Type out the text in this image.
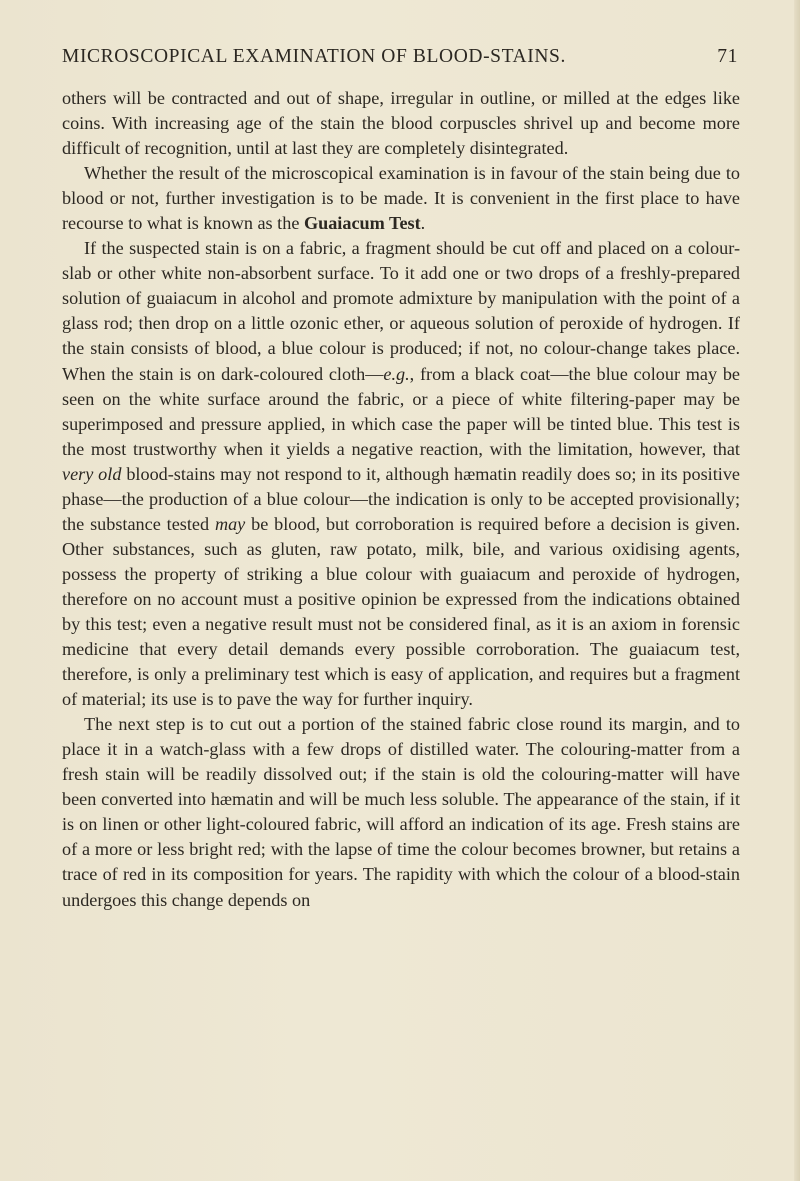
MICROSCOPICAL EXAMINATION OF BLOOD-STAINS.	71

others will be contracted and out of shape, irregular in outline, or milled at the edges like coins. With increasing age of the stain the blood corpuscles shrivel up and become more difficult of recognition, until at last they are completely disintegrated.

Whether the result of the microscopical examination is in favour of the stain being due to blood or not, further investigation is to be made. It is convenient in the first place to have recourse to what is known as the Guaiacum Test.

If the suspected stain is on a fabric, a fragment should be cut off and placed on a colour-slab or other white non-absorbent surface. To it add one or two drops of a freshly-prepared solution of guaiacum in alcohol and promote admixture by manipulation with the point of a glass rod; then drop on a little ozonic ether, or aqueous solution of peroxide of hydrogen. If the stain consists of blood, a blue colour is produced; if not, no colour-change takes place. When the stain is on dark-coloured cloth—e.g., from a black coat—the blue colour may be seen on the white surface around the fabric, or a piece of white filtering-paper may be superimposed and pressure applied, in which case the paper will be tinted blue. This test is the most trustworthy when it yields a negative reaction, with the limitation, however, that very old blood-stains may not respond to it, although hæmatin readily does so; in its positive phase—the production of a blue colour—the indication is only to be accepted provisionally; the substance tested may be blood, but corroboration is required before a decision is given. Other substances, such as gluten, raw potato, milk, bile, and various oxidising agents, possess the property of striking a blue colour with guaiacum and peroxide of hydrogen, therefore on no account must a positive opinion be expressed from the indications obtained by this test; even a negative result must not be considered final, as it is an axiom in forensic medicine that every detail demands every possible corroboration. The guaiacum test, therefore, is only a preliminary test which is easy of application, and requires but a fragment of material; its use is to pave the way for further inquiry.

The next step is to cut out a portion of the stained fabric close round its margin, and to place it in a watch-glass with a few drops of distilled water. The colouring-matter from a fresh stain will be readily dissolved out; if the stain is old the colouring-matter will have been converted into hæmatin and will be much less soluble. The appearance of the stain, if it is on linen or other light-coloured fabric, will afford an indication of its age. Fresh stains are of a more or less bright red; with the lapse of time the colour becomes browner, but retains a trace of red in its composition for years. The rapidity with which the colour of a blood-stain undergoes this change depends on
